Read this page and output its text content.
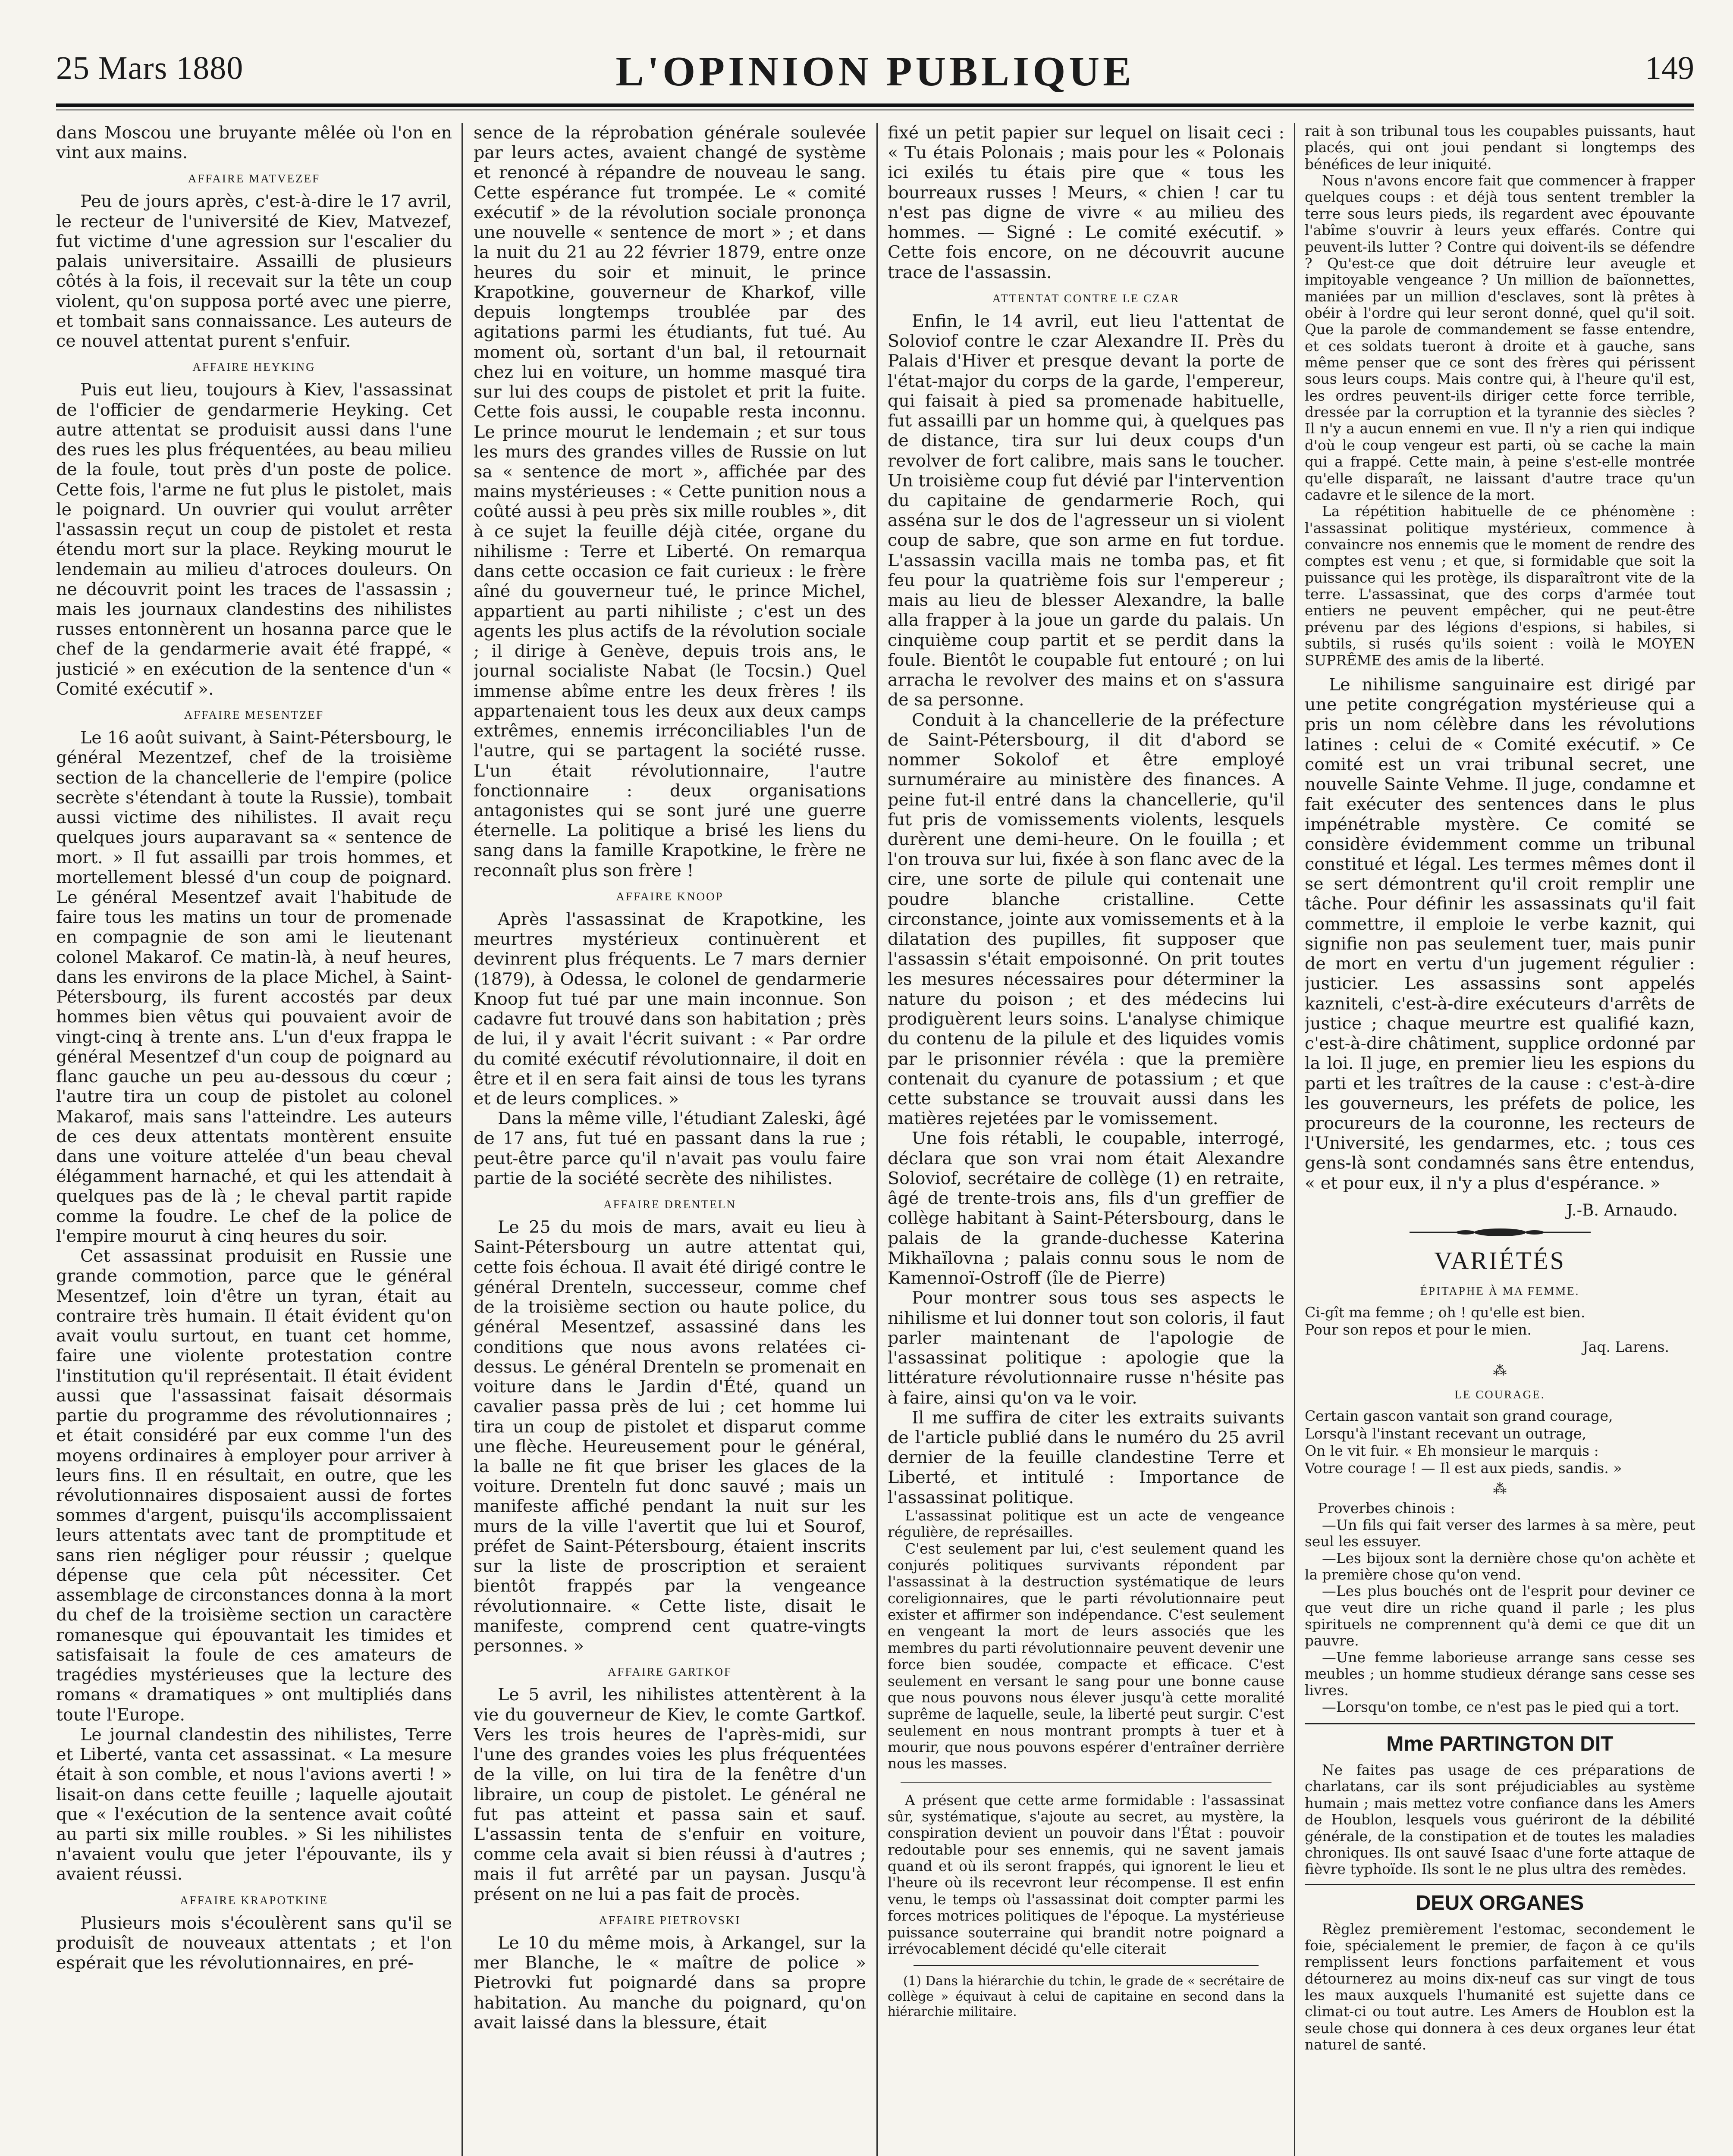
25 Mars 1880	L'OPINION PUBLIQUE	149

dans Moscou une bruyante mêlée où l'on en vint aux mains.

AFFAIRE MATVEZEF

Peu de jours après, c'est-à-dire le 17 avril, le recteur de l'université de Kiev, Matvezef, fut victime d'une agression sur l'escalier du palais universitaire. Assailli de plusieurs côtés à la fois, il recevait sur la tête un coup violent, qu'on supposa porté avec une pierre, et tombait sans connaissance. Les auteurs de ce nouvel attentat purent s'enfuir.

AFFAIRE HEYKING

Puis eut lieu, toujours à Kiev, l'assassinat de l'officier de gendarmerie Heyking. Cet autre attentat se produisit aussi dans l'une des rues les plus fréquentées, au beau milieu de la foule, tout près d'un poste de police. Cette fois, l'arme ne fut plus le pistolet, mais le poignard. Un ouvrier qui voulut arrêter l'assassin reçut un coup de pistolet et resta étendu mort sur la place. Reyking mourut le lendemain au milieu d'atroces douleurs. On ne découvrit point les traces de l'assassin ; mais les journaux clandestins des nihilistes russes entonnèrent un hosanna parce que le chef de la gendarmerie avait été frappé, « justicié » en exécution de la sentence d'un « Comité exécutif ».

AFFAIRE MESENTZEF

Le 16 août suivant, à Saint-Pétersbourg, le général Mezentzef, chef de la troisième section de la chancellerie de l'empire (police secrète s'étendant à toute la Russie), tombait aussi victime des nihilistes. Il avait reçu quelques jours auparavant sa « sentence de mort. » Il fut assailli par trois hommes, et mortellement blessé d'un coup de poignard. Le général Mesentzef avait l'habitude de faire tous les matins un tour de promenade en compagnie de son ami le lieutenant colonel Makarof. Ce matin-là, à neuf heures, dans les environs de la place Michel, à Saint-Pétersbourg, ils furent accostés par deux hommes bien vêtus qui pouvaient avoir de vingt-cinq à trente ans. L'un d'eux frappa le général Mesentzef d'un coup de poignard au flanc gauche un peu au-dessous du cœur ; l'autre tira un coup de pistolet au colonel Makarof, mais sans l'atteindre. Les auteurs de ces deux attentats montèrent ensuite dans une voiture attelée d'un beau cheval élégamment harnaché, et qui les attendait à quelques pas de là ; le cheval partit rapide comme la foudre. Le chef de la police de l'empire mourut à cinq heures du soir.

Cet assassinat produisit en Russie une grande commotion, parce que le général Mesentzef, loin d'être un tyran, était au contraire très humain. Il était évident qu'on avait voulu surtout, en tuant cet homme, faire une violente protestation contre l'institution qu'il représentait. Il était évident aussi que l'assassinat faisait désormais partie du programme des révolutionnaires ; et était considéré par eux comme l'un des moyens ordinaires à employer pour arriver à leurs fins. Il en résultait, en outre, que les révolutionnaires disposaient aussi de fortes sommes d'argent, puisqu'ils accomplissaient leurs attentats avec tant de promptitude et sans rien négliger pour réussir ; quelque dépense que cela pût nécessiter. Cet assemblage de circonstances donna à la mort du chef de la troisième section un caractère romanesque qui épouvantait les timides et satisfaisait la foule de ces amateurs de tragédies mystérieuses que la lecture des romans « dramatiques » ont multipliés dans toute l'Europe.

Le journal clandestin des nihilistes, Terre et Liberté, vanta cet assassinat. « La mesure était à son comble, et nous l'avions averti ! » lisait-on dans cette feuille ; laquelle ajoutait que « l'exécution de la sentence avait coûté au parti six mille roubles. » Si les nihilistes n'avaient voulu que jeter l'épouvante, ils y avaient réussi.

AFFAIRE KRAPOTKINE

Plusieurs mois s'écoulèrent sans qu'il se produisît de nouveaux attentats ; et l'on espérait que les révolutionnaires, en pré-

sence de la réprobation générale soulevée par leurs actes, avaient changé de système et renoncé à répandre de nouveau le sang. Cette espérance fut trompée. Le « comité exécutif » de la révolution sociale prononça une nouvelle « sentence de mort » ; et dans la nuit du 21 au 22 février 1879, entre onze heures du soir et minuit, le prince Krapotkine, gouverneur de Kharkof, ville depuis longtemps troublée par des agitations parmi les étudiants, fut tué. Au moment où, sortant d'un bal, il retournait chez lui en voiture, un homme masqué tira sur lui des coups de pistolet et prit la fuite. Cette fois aussi, le coupable resta inconnu. Le prince mourut le lendemain ; et sur tous les murs des grandes villes de Russie on lut sa « sentence de mort », affichée par des mains mystérieuses : « Cette punition nous a coûté aussi à peu près six mille roubles », dit à ce sujet la feuille déjà citée, organe du nihilisme : Terre et Liberté. On remarqua dans cette occasion ce fait curieux : le frère aîné du gouverneur tué, le prince Michel, appartient au parti nihiliste ; c'est un des agents les plus actifs de la révolution sociale ; il dirige à Genève, depuis trois ans, le journal socialiste Nabat (le Tocsin.) Quel immense abîme entre les deux frères ! ils appartenaient tous les deux aux deux camps extrêmes, ennemis irréconciliables l'un de l'autre, qui se partagent la société russe. L'un était révolutionnaire, l'autre fonctionnaire : deux organisations antagonistes qui se sont juré une guerre éternelle. La politique a brisé les liens du sang dans la famille Krapotkine, le frère ne reconnaît plus son frère !

AFFAIRE KNOOP

Après l'assassinat de Krapotkine, les meurtres mystérieux continuèrent et devinrent plus fréquents. Le 7 mars dernier (1879), à Odessa, le colonel de gendarmerie Knoop fut tué par une main inconnue. Son cadavre fut trouvé dans son habitation ; près de lui, il y avait l'écrit suivant : « Par ordre du comité exécutif révolutionnaire, il doit en être et il en sera fait ainsi de tous les tyrans et de leurs complices. »

Dans la même ville, l'étudiant Zaleski, âgé de 17 ans, fut tué en passant dans la rue ; peut-être parce qu'il n'avait pas voulu faire partie de la société secrète des nihilistes.

AFFAIRE DRENTELN

Le 25 du mois de mars, avait eu lieu à Saint-Pétersbourg un autre attentat qui, cette fois échoua. Il avait été dirigé contre le général Drenteln, successeur, comme chef de la troisième section ou haute police, du général Mesentzef, assassiné dans les conditions que nous avons relatées ci-dessus. Le général Drenteln se promenait en voiture dans le Jardin d'Été, quand un cavalier passa près de lui ; cet homme lui tira un coup de pistolet et disparut comme une flèche. Heureusement pour le général, la balle ne fit que briser les glaces de la voiture. Drenteln fut donc sauvé ; mais un manifeste affiché pendant la nuit sur les murs de la ville l'avertit que lui et Sourof, préfet de Saint-Pétersbourg, étaient inscrits sur la liste de proscription et seraient bientôt frappés par la vengeance révolutionnaire. « Cette liste, disait le manifeste, comprend cent quatre-vingts personnes. »

AFFAIRE GARTKOF

Le 5 avril, les nihilistes attentèrent à la vie du gouverneur de Kiev, le comte Gartkof. Vers les trois heures de l'après-midi, sur l'une des grandes voies les plus fréquentées de la ville, on lui tira de la fenêtre d'un libraire, un coup de pistolet. Le général ne fut pas atteint et passa sain et sauf. L'assassin tenta de s'enfuir en voiture, comme cela avait si bien réussi à d'autres ; mais il fut arrêté par un paysan. Jusqu'à présent on ne lui a pas fait de procès.

AFFAIRE PIETROVSKI

Le 10 du même mois, à Arkangel, sur la mer Blanche, le « maître de police » Pietrovki fut poignardé dans sa propre habitation. Au manche du poignard, qu'on avait laissé dans la blessure, était

fixé un petit papier sur lequel on lisait ceci : « Tu étais Polonais ; mais pour les « Polonais ici exilés tu étais pire que « tous les bourreaux russes ! Meurs, « chien ! car tu n'est pas digne de vivre « au milieu des hommes. — Signé : Le comité exécutif. » Cette fois encore, on ne découvrit aucune trace de l'assassin.

ATTENTAT CONTRE LE CZAR

Enfin, le 14 avril, eut lieu l'attentat de Soloviof contre le czar Alexandre II. Près du Palais d'Hiver et presque devant la porte de l'état-major du corps de la garde, l'empereur, qui faisait à pied sa promenade habituelle, fut assailli par un homme qui, à quelques pas de distance, tira sur lui deux coups d'un revolver de fort calibre, mais sans le toucher. Un troisième coup fut dévié par l'intervention du capitaine de gendarmerie Roch, qui asséna sur le dos de l'agresseur un si violent coup de sabre, que son arme en fut tordue. L'assassin vacilla mais ne tomba pas, et fit feu pour la quatrième fois sur l'empereur ; mais au lieu de blesser Alexandre, la balle alla frapper à la joue un garde du palais. Un cinquième coup partit et se perdit dans la foule. Bientôt le coupable fut entouré ; on lui arracha le revolver des mains et on s'assura de sa personne.

Conduit à la chancellerie de la préfecture de Saint-Pétersbourg, il dit d'abord se nommer Sokolof et être employé surnuméraire au ministère des finances. A peine fut-il entré dans la chancellerie, qu'il fut pris de vomissements violents, lesquels durèrent une demi-heure. On le fouilla ; et l'on trouva sur lui, fixée à son flanc avec de la cire, une sorte de pilule qui contenait une poudre blanche cristalline. Cette circonstance, jointe aux vomissements et à la dilatation des pupilles, fit supposer que l'assassin s'était empoisonné. On prit toutes les mesures nécessaires pour déterminer la nature du poison ; et des médecins lui prodiguèrent leurs soins. L'analyse chimique du contenu de la pilule et des liquides vomis par le prisonnier révéla : que la première contenait du cyanure de potassium ; et que cette substance se trouvait aussi dans les matières rejetées par le vomissement.

Une fois rétabli, le coupable, interrogé, déclara que son vrai nom était Alexandre Soloviof, secrétaire de collège (1) en retraite, âgé de trente-trois ans, fils d'un greffier de collège habitant à Saint-Pétersbourg, dans le palais de la grande-duchesse Katerina Mikhaïlovna ; palais connu sous le nom de Kamennoï-Ostroff (île de Pierre)

Pour montrer sous tous ses aspects le nihilisme et lui donner tout son coloris, il faut parler maintenant de l'apologie de l'assassinat politique : apologie que la littérature révolutionnaire russe n'hésite pas à faire, ainsi qu'on va le voir.

Il me suffira de citer les extraits suivants de l'article publié dans le numéro du 25 avril dernier de la feuille clandestine Terre et Liberté, et intitulé : Importance de l'assassinat politique.

L'assassinat politique est un acte de vengeance régulière, de représailles.

C'est seulement par lui, c'est seulement quand les conjurés politiques survivants répondent par l'assassinat à la destruction systématique de leurs coreligionnaires, que le parti révolutionnaire peut exister et affirmer son indépendance. C'est seulement en vengeant la mort de leurs associés que les membres du parti révolutionnaire peuvent devenir une force bien soudée, compacte et efficace. C'est seulement en versant le sang pour une bonne cause que nous pouvons nous élever jusqu'à cette moralité suprême de laquelle, seule, la liberté peut surgir. C'est seulement en nous montrant prompts à tuer et à mourir, que nous pouvons espérer d'entraîner derrière nous les masses.

A présent que cette arme formidable : l'assassinat sûr, systématique, s'ajoute au secret, au mystère, la conspiration devient un pouvoir dans l'État : pouvoir redoutable pour ses ennemis, qui ne savent jamais quand et où ils seront frappés, qui ignorent le lieu et l'heure où ils recevront leur récompense. Il est enfin venu, le temps où l'assassinat doit compter parmi les forces motrices politiques de l'époque. La mystérieuse puissance souterraine qui brandit notre poignard a irrévocablement décidé qu'elle citerait

(1) Dans la hiérarchie du tchin, le grade de « secrétaire de collège » équivaut à celui de capitaine en second dans la hiérarchie militaire.

rait à son tribunal tous les coupables puissants, haut placés, qui ont joui pendant si longtemps des bénéfices de leur iniquité.

Nous n'avons encore fait que commencer à frapper quelques coups : et déjà tous sentent trembler la terre sous leurs pieds, ils regardent avec épouvante l'abîme s'ouvrir à leurs yeux effarés. Contre qui peuvent-ils lutter ? Contre qui doivent-ils se défendre ? Qu'est-ce que doit détruire leur aveugle et impitoyable vengeance ? Un million de baïonnettes, maniées par un million d'esclaves, sont là prêtes à obéir à l'ordre qui leur seront donné, quel qu'il soit. Que la parole de commandement se fasse entendre, et ces soldats tueront à droite et à gauche, sans même penser que ce sont des frères qui périssent sous leurs coups. Mais contre qui, à l'heure qu'il est, les ordres peuvent-ils diriger cette force terrible, dressée par la corruption et la tyrannie des siècles ? Il n'y a aucun ennemi en vue. Il n'y a rien qui indique d'où le coup vengeur est parti, où se cache la main qui a frappé. Cette main, à peine s'est-elle montrée qu'elle disparaît, ne laissant d'autre trace qu'un cadavre et le silence de la mort.

La répétition habituelle de ce phénomène : l'assassinat politique mystérieux, commence à convaincre nos ennemis que le moment de rendre des comptes est venu ; et que, si formidable que soit la puissance qui les protège, ils disparaîtront vite de la terre. L'assassinat, que des corps d'armée tout entiers ne peuvent empêcher, qui ne peut-être prévenu par des légions d'espions, si habiles, si subtils, si rusés qu'ils soient : voilà le MOYEN SUPRÊME des amis de la liberté.

Le nihilisme sanguinaire est dirigé par une petite congrégation mystérieuse qui a pris un nom célèbre dans les révolutions latines : celui de « Comité exécutif. » Ce comité est un vrai tribunal secret, une nouvelle Sainte Vehme. Il juge, condamne et fait exécuter des sentences dans le plus impénétrable mystère. Ce comité se considère évidemment comme un tribunal constitué et légal. Les termes mêmes dont il se sert démontrent qu'il croit remplir une tâche. Pour définir les assassinats qu'il fait commettre, il emploie le verbe kaznit, qui signifie non pas seulement tuer, mais punir de mort en vertu d'un jugement régulier : justicier. Les assassins sont appelés kazniteli, c'est-à-dire exécuteurs d'arrêts de justice ; chaque meurtre est qualifié kazn, c'est-à-dire châtiment, supplice ordonné par la loi. Il juge, en premier lieu les espions du parti et les traîtres de la cause : c'est-à-dire les gouverneurs, les préfets de police, les procureurs de la couronne, les recteurs de l'Université, les gendarmes, etc. ; tous ces gens-là sont condamnés sans être entendus, « et pour eux, il n'y a plus d'espérance. »

J.-B. Arnaudo.
VARIÉTÉS
ÉPITAPHE À MA FEMME.
Ci-gît ma femme ; oh ! qu'elle est bien.
Pour son repos et pour le mien.
Jaq. Larens.
⁂
LE COURAGE.
Certain gascon vantait son grand courage,
Lorsqu'à l'instant recevant un outrage,
On le vit fuir. « Eh monsieur le marquis :
Votre courage ! — Il est aux pieds, sandis. »
⁂

Proverbes chinois :

—Un fils qui fait verser des larmes à sa mère, peut seul les essuyer.

—Les bijoux sont la dernière chose qu'on achète et la première chose qu'on vend.

—Les plus bouchés ont de l'esprit pour deviner ce que veut dire un riche quand il parle ; les plus spirituels ne comprennent qu'à demi ce que dit un pauvre.

—Une femme laborieuse arrange sans cesse ses meubles ; un homme studieux dérange sans cesse ses livres.

—Lorsqu'on tombe, ce n'est pas le pied qui a tort.

Mme PARTINGTON DIT

Ne faites pas usage de ces préparations de charlatans, car ils sont préjudiciables au système humain ; mais mettez votre confiance dans les Amers de Houblon, lesquels vous guériront de la débilité générale, de la constipation et de toutes les maladies chroniques. Ils ont sauvé Isaac d'une forte attaque de fièvre typhoïde. Ils sont le ne plus ultra des remèdes.

DEUX ORGANES

Règlez premièrement l'estomac, secondement le foie, spécialement le premier, de façon à ce qu'ils remplissent leurs fonctions parfaitement et vous détournerez au moins dix-neuf cas sur vingt de tous les maux auxquels l'humanité est sujette dans ce climat-ci ou tout autre. Les Amers de Houblon est la seule chose qui donnera à ces deux organes leur état naturel de santé.
